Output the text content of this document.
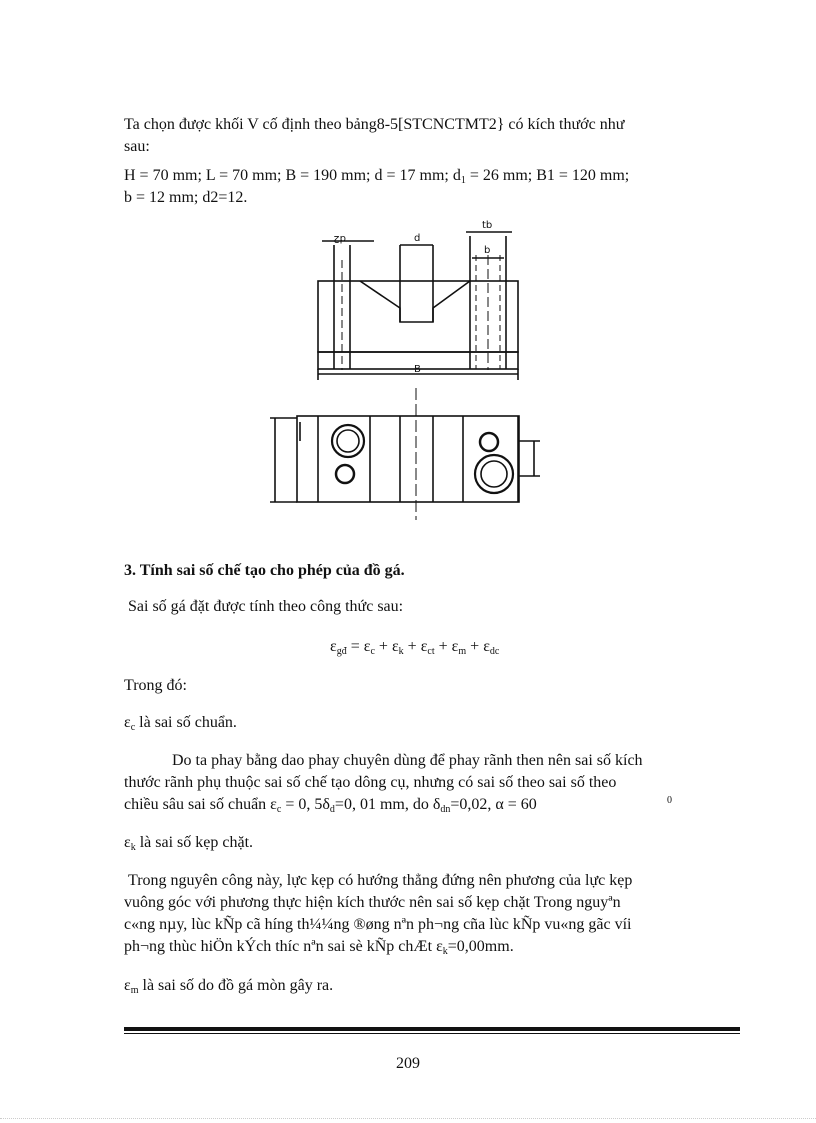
Ta chọn được khối V cố định theo bảng8-5[STCNCTMT2} có kích thước như
sau:
H = 70 mm; L = 70 mm; B = 190 mm; d = 17 mm; $d_1 = 26$ mm; B1 = 120 mm;
b = 12 mm; d2=12.
d2	d
tb
b
B
3. Tính sai số chế tạo cho phép của đồ gá.
Sai số gá đặt được tính theo công thức sau:
$\varepsilon_{gđ} = \varepsilon_c + \varepsilon_k + \varepsilon_{ct} + \varepsilon_m + \varepsilon_{dc}$
Trong đó:
$\varepsilon_c$ là sai số chuẩn.
Do ta phay bằng dao phay chuyên dùng để phay rãnh then nên sai số kích
thước rãnh phụ thuộc sai số chế tạo dông cụ, nhưng có sai số theo sai số theo
chiều sâu sai số chuẩn $\varepsilon_c = 0$, $5\delta_d=0$, 01 mm, do $\delta_{dn}=0,02$, α = 60	0
$\varepsilon_k$ là sai số kẹp chặt.
Trong nguyên công này, lực kẹp có hướng thẳng đứng nên phương của lực kẹp
vuông góc với phương thực hiện kích thước nên sai số kẹp chặt Trong nguyªn
c«ng nµy, lùc kÑp cã híng th¼¼ng ®øng nªn ph¬ng cña lùc kÑp vu«ng gãc víi
ph¬ng thùc hiÖn kÝch thíc nªn sai sè kÑp chÆt $\varepsilon_k=0,00mm$.
$\varepsilon_m$ là sai số do đồ gá mòn gây ra.
209
